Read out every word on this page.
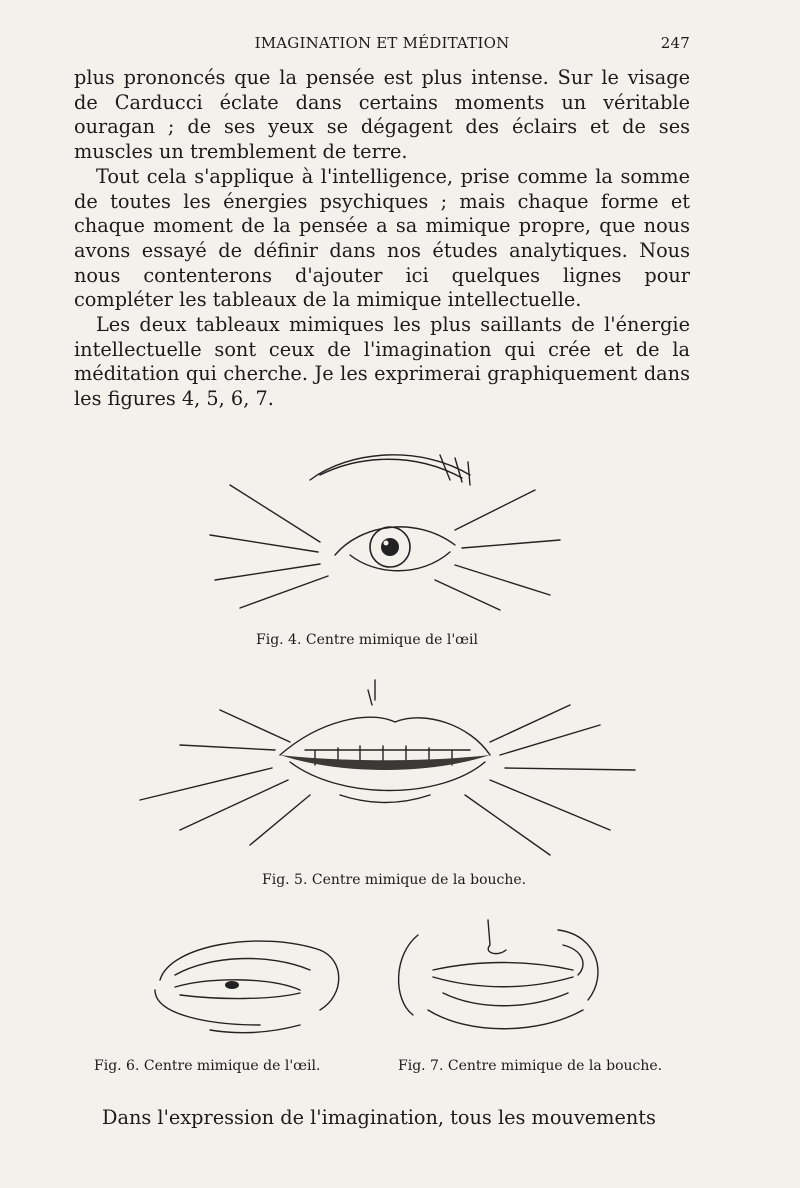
IMAGINATION ET MÉDITATION	247

plus prononcés que la pensée est plus intense. Sur le visage de Carducci éclate dans certains moments un véritable ouragan ; de ses yeux se dégagent des éclairs et de ses muscles un tremblement de terre.

Tout cela s'applique à l'intelligence, prise comme la somme de toutes les énergies psychiques ; mais chaque forme et chaque moment de la pensée a sa mimique propre, que nous avons essayé de définir dans nos études analytiques. Nous nous contenterons d'ajouter ici quelques lignes pour compléter les tableaux de la mimique intellectuelle.

Les deux tableaux mimiques les plus saillants de l'énergie intellectuelle sont ceux de l'imagination qui crée et de la méditation qui cherche. Je les exprimerai graphiquement dans les figures 4, 5, 6, 7.

Fig. 4. Centre mimique de l'œil
Fig. 5. Centre mimique de la bouche.
Fig. 6. Centre mimique de l'œil.	Fig. 7. Centre mimique de la bouche.
Dans l'expression de l'imagination, tous les mouvements
